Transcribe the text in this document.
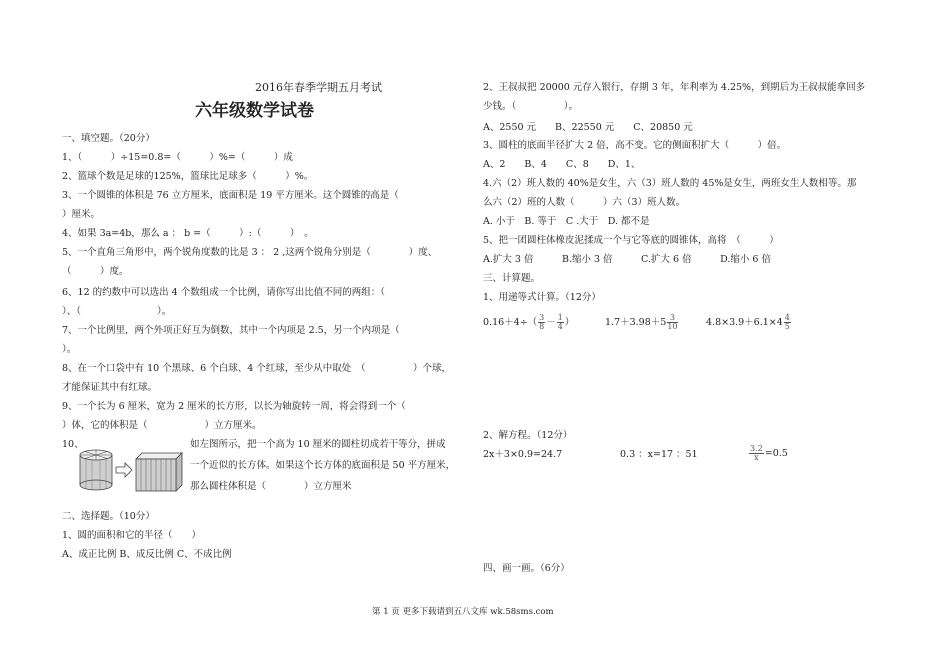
2016年春季学期五月考试
六年级数学试卷
一、填空题。（20分）
1、（　　　）÷15=0.8=（　　　）%=（　　　）成
2、篮球个数是足球的125%，篮球比足球多（　　　）%。
3、一个圆锥的体积是 76 立方厘米，底面积是 19 平方厘米。这个圆锥的高是（
）厘米。
4、如果 3a=4b，那么 a ： b =（　　　）:（　　　）　。
5、一个直角三角形中，两个锐角度数的比是 3 ： 2 ,这两个锐角分别是（　　　　）度、
（　　　）度。
6、12 的约数中可以选出 4 个数组成一个比例，请你写出比值不同的两组：（
）、（　　　　　　　　）。
7、一个比例里，两个外项正好互为倒数，其中一个内项是 2.5，另一个内项是（
）。
8、在一个口袋中有 10 个黑球、6 个白球、4 个红球，至少从中取处　（　　　　　）个球，
才能保证其中有红球。
9、一个长为 6 厘米，宽为 2 厘米的长方形，以长为轴旋转一周，将会得到一个（
）体，它的体积是（　　　　　　）立方厘米。
10、	如左图所示，把一个高为 10 厘米的圆柱切成若干等分，拼成
一个近似的长方体。如果这个长方体的底面积是 50 平方厘米，
那么圆柱体积是（　　　　）立方厘米
二、选择题。（10分）
1、圆的面积和它的半径（　　）
A、成正比例 B、成反比例 C、不成比例
2、王叔叔把 20000 元存入银行，存期 3 年，年利率为 4.25%，到期后为王叔叔能拿回多
少钱。（　　　　　）。
A、2550 元　　B、22550 元　　C、20850 元
3、圆柱的底面半径扩大 2 倍，高不变。它的侧面积扩大（　　　）倍。
A、2　　B、4　　C、8　　D、1、
4.六（2）班人数的 40%是女生，六（3）班人数的 45%是女生，两班女生人数相等。那
么六（2）班的人数（　　　）六（3）班人数。
A. 小于　B. 等于　C .大于　D. 都不是
5、把一团圆柱体橡皮泥揉成一个与它等底的圆锥体，高将　（　　　）
A.扩大 3 倍　　　B.缩小 3 倍　　　C.扩大 6 倍　　　D.缩小 6 倍
三、计算题。
1、用递等式计算。（12分）
$0.16+4\div( \frac{3}{8} - \frac{1}{4}$ ）	$1.7+3.98+5 \frac{3}{10}$	$4.8\times 3.9+6.1\times 4 \frac{4}{5}$
2、解方程。（12分）
2x＋3×0.9=24.7	0.3 ：x=17 ：51	$\frac{3.2}{x} =0.5$
四、画一画。（6分）
第 1 页 更多下载请到五八文库 wk.58sms.com
